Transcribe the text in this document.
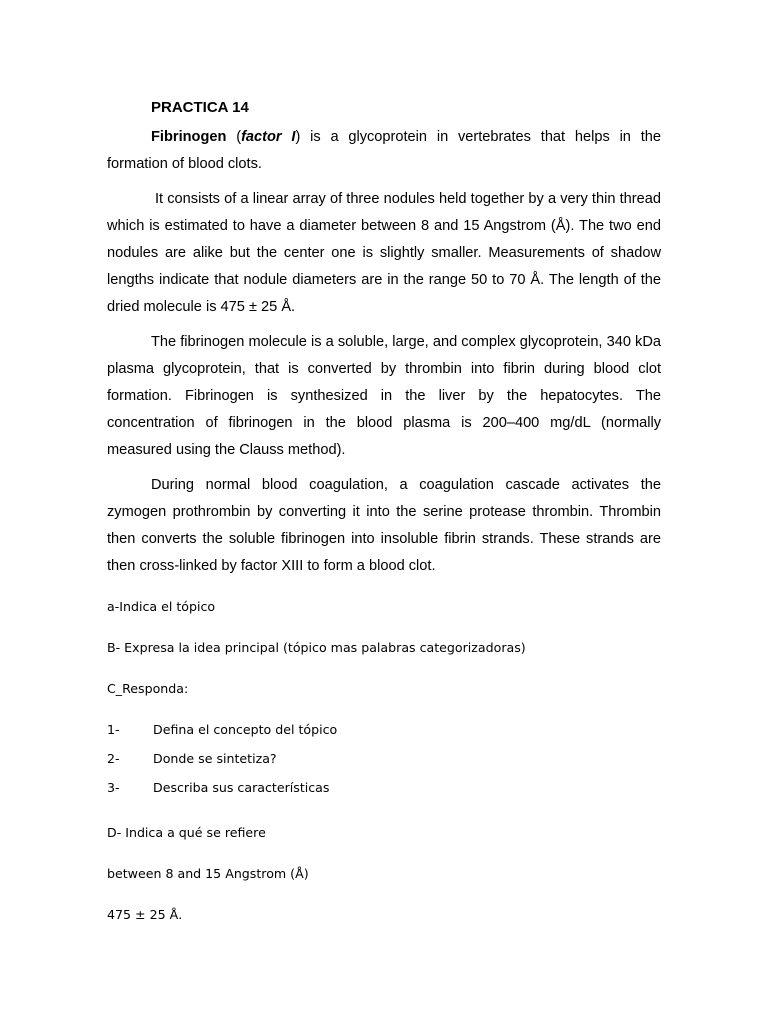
PRACTICA 14

Fibrinogen (factor I) is a glycoprotein in vertebrates that helps in the formation of blood clots.

It consists of a linear array of three nodules held together by a very thin thread which is estimated to have a diameter between 8 and 15 Angstrom (Å). The two end nodules are alike but the center one is slightly smaller. Measurements of shadow lengths indicate that nodule diameters are in the range 50 to 70 Å. The length of the dried molecule is 475 ± 25 Å.

The fibrinogen molecule is a soluble, large, and complex glycoprotein, 340 kDa plasma glycoprotein, that is converted by thrombin into fibrin during blood clot formation. Fibrinogen is synthesized in the liver by the hepatocytes. The concentration of fibrinogen in the blood plasma is 200–400 mg/dL (normally measured using the Clauss method).

During normal blood coagulation, a coagulation cascade activates the zymogen prothrombin by converting it into the serine protease thrombin. Thrombin then converts the soluble fibrinogen into insoluble fibrin strands. These strands are then cross-linked by factor XIII to form a blood clot.

a-Indica el tópico

B- Expresa la idea principal (tópico mas palabras categorizadoras)

C_Responda:

1-	Defina el concepto del tópico
2-	Donde se sintetiza?
3-	Describa sus características

D- Indica a qué se refiere

between 8 and 15 Angstrom (Å)

475 ± 25 Å.
